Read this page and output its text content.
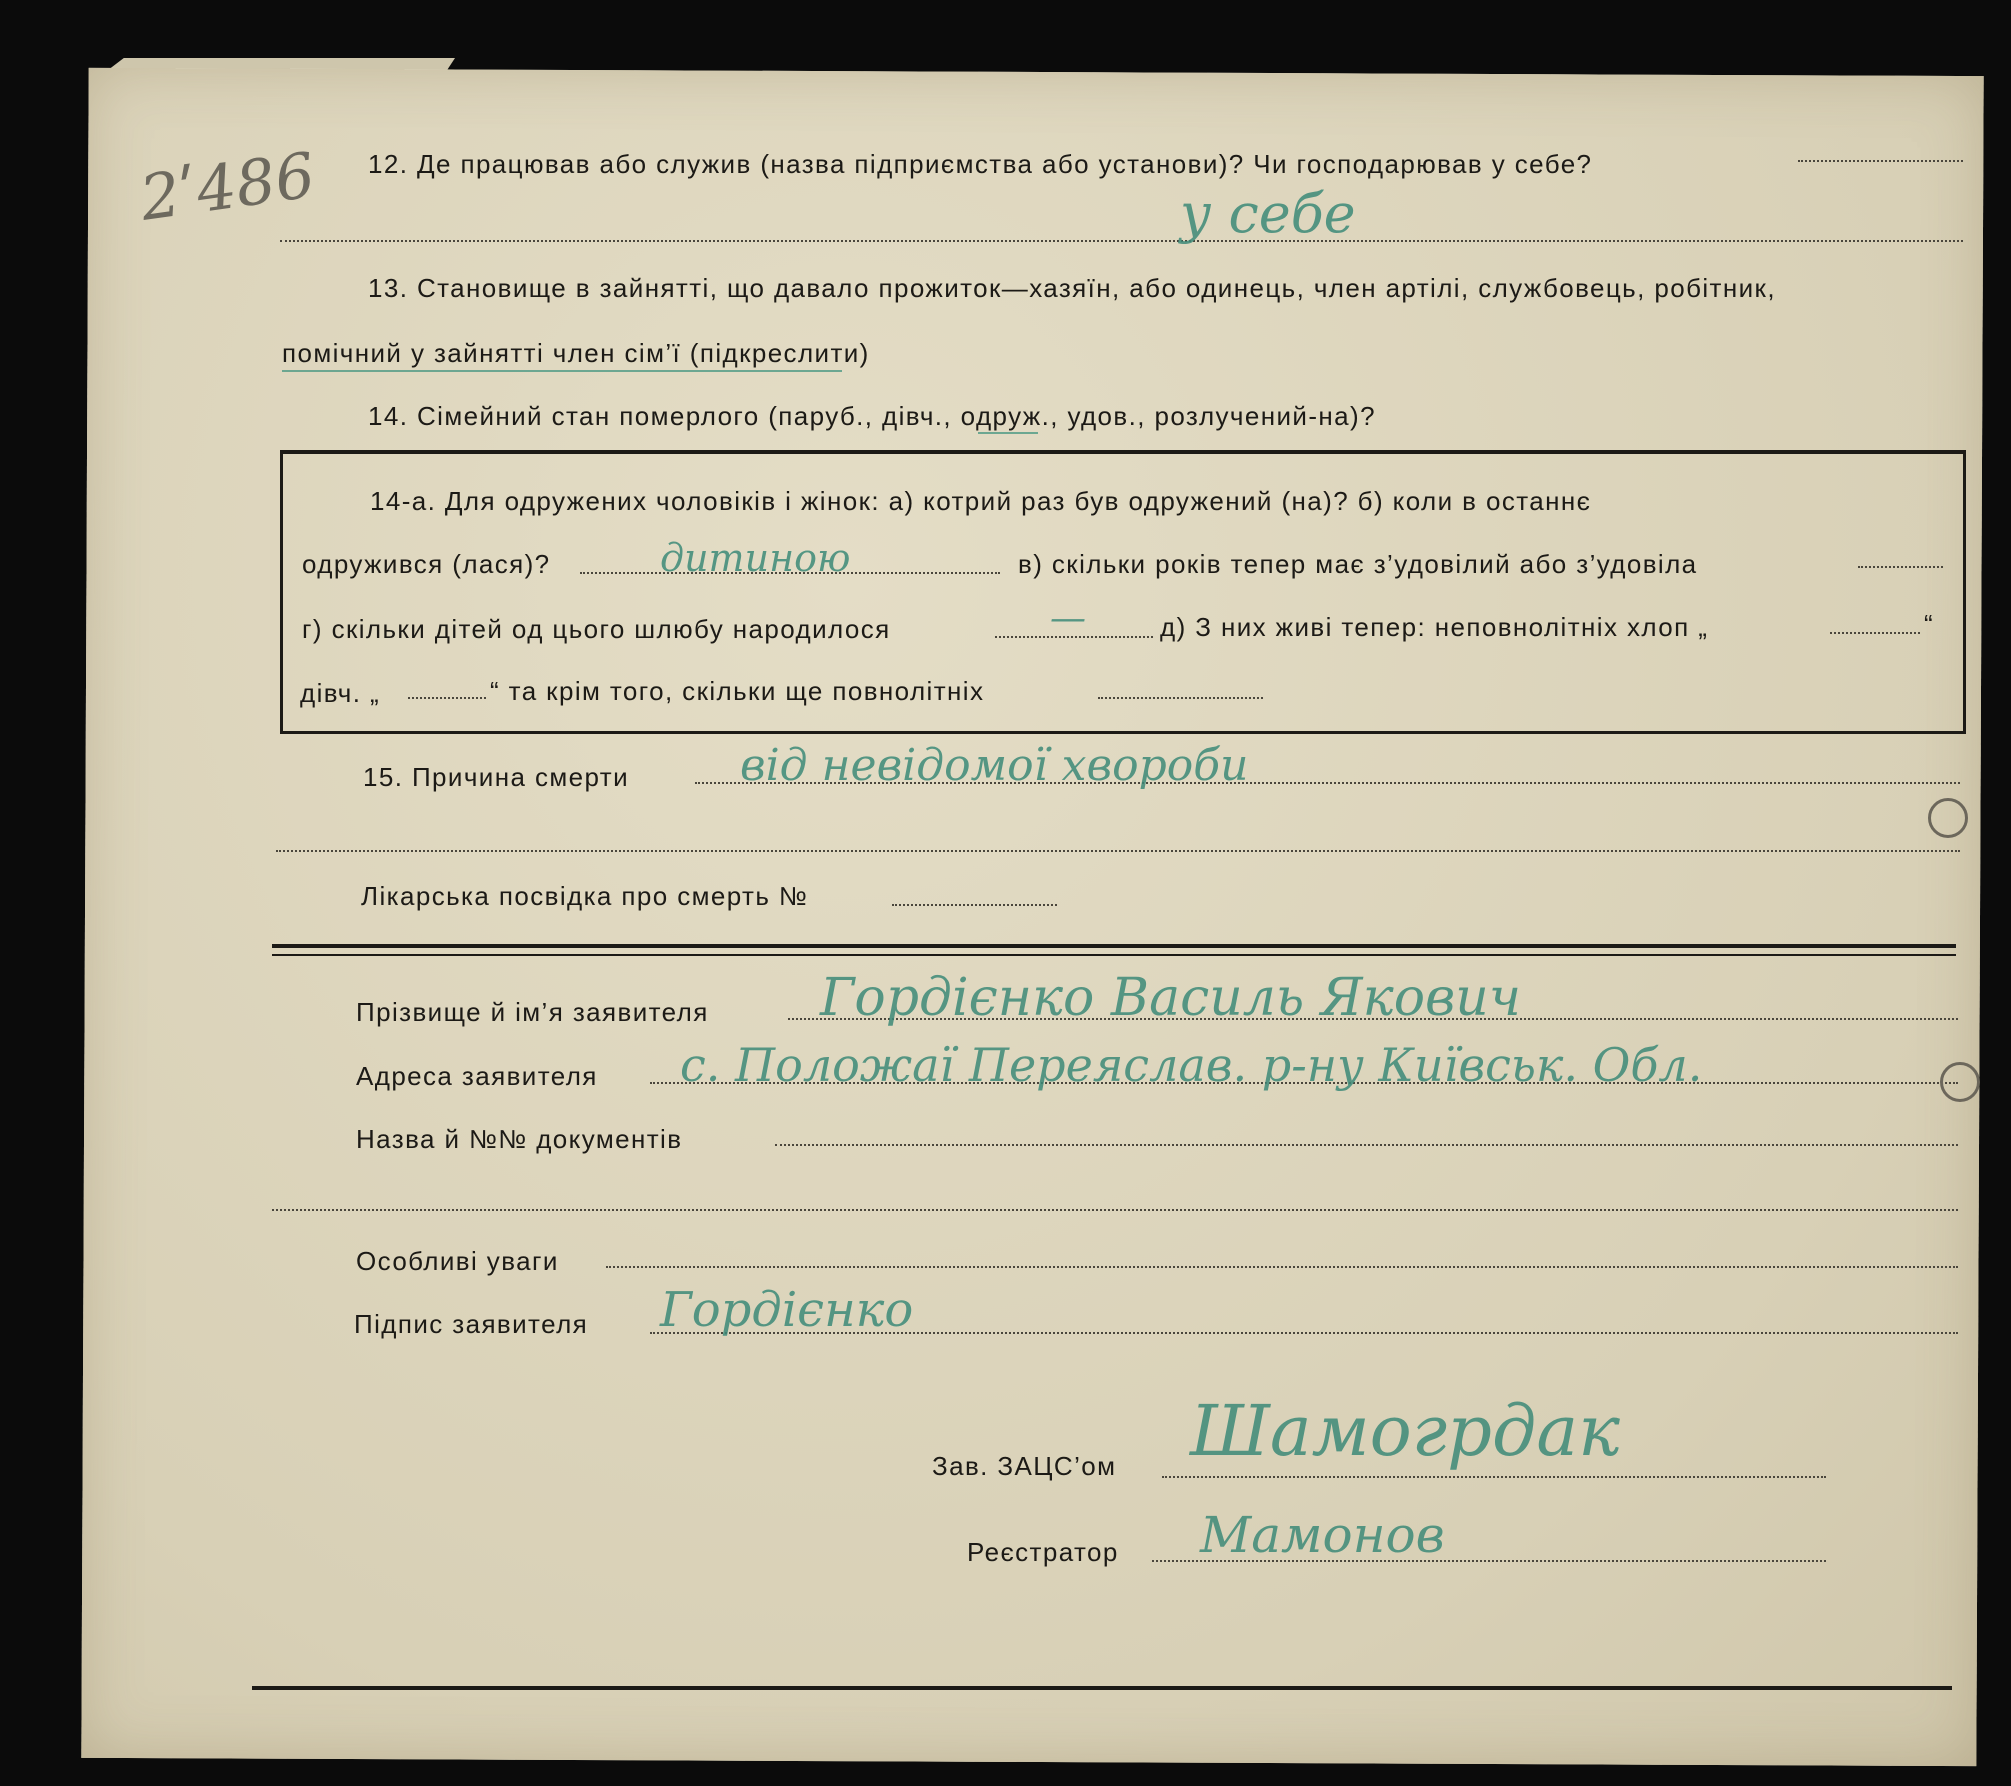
2ʹ486 12. Де працював або служив (назва підприємства або установи)? Чи господарював у себе?
у себе
13. Становище в зайнятті, що давало прожиток—хазяїн, або одинець, член артілі, службовець, робітник,
помічний у зайнятті член сім’ї (підкреслити)
14. Сімейний стан померлого (паруб., дівч., одруж., удов., розлучений-на)?
14-а. Для одружених чоловіків і жінок: а) котрий раз був одружений (на)? б) коли в останнє
одружився (лася)?	дитиною	в) скільки років тепер має з’удовілий або з’удовіла
г) скільки дітей од цього шлюбу народилося	—	д) З них живі тепер: неповнолітніх хлоп „	“
дівч. „	“ та крім того, скільки ще повнолітніх
15. Причина смерти	від невідомої хвороби
Лікарська посвідка про смерть №
Прізвище й ім’я заявителя Гордієнко Василь Якович
Адреса заявителя с. Положаї Переяслав. р-ну Київськ. Обл.
Назва й №№ документів
Особливі уваги
Підпис заявителя Гордієнко
Зав. ЗАЦС’ом Шамогрдак
Реєстратор Мамонов
